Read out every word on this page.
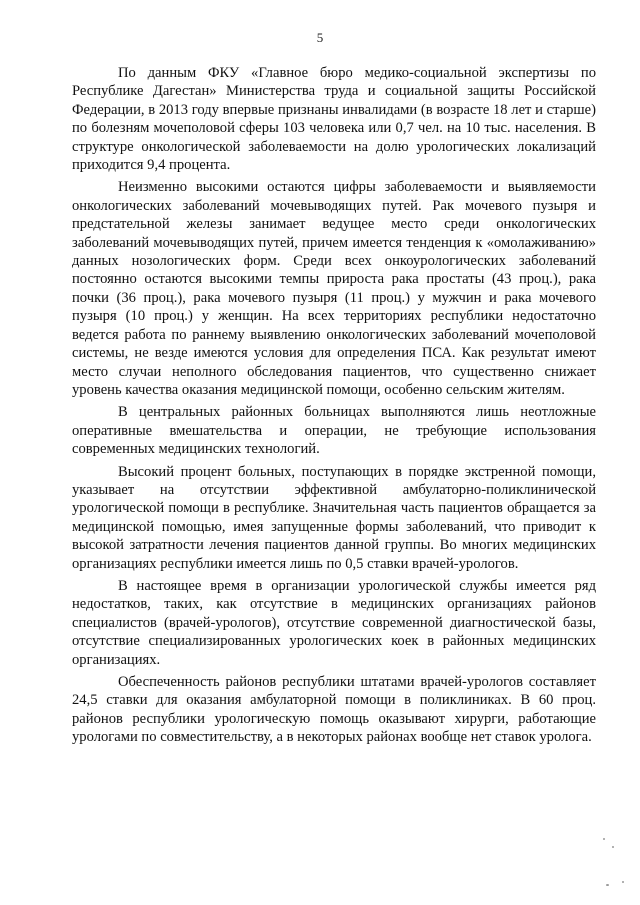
5

По данным ФКУ «Главное бюро медико-социальной экспертизы по Республике Дагестан» Министерства труда и социальной защиты Российской Федерации, в 2013 году впервые признаны инвалидами (в возрасте 18 лет и старше) по болезням мочеполовой сферы 103 человека или 0,7 чел. на 10 тыс. населения. В структуре онкологической заболеваемости на долю урологических локализаций приходится 9,4 процента.

Неизменно высокими остаются цифры заболеваемости и выявляемости онкологических заболеваний мочевыводящих путей. Рак мочевого пузыря и предстательной железы занимает ведущее место среди онкологических заболеваний мочевыводящих путей, причем имеется тенденция к «омолаживанию» данных нозологических форм. Среди всех онкоурологических заболеваний постоянно остаются высокими темпы прироста рака простаты (43 проц.), рака почки (36 проц.), рака мочевого пузыря (11 проц.) у мужчин и рака мочевого пузыря (10 проц.) у женщин. На всех территориях республики недостаточно ведется работа по раннему выявлению онкологических заболеваний мочеполовой системы, не везде имеются условия для определения ПСА. Как результат имеют место случаи неполного обследования пациентов, что существенно снижает уровень качества оказания медицинской помощи, особенно сельским жителям.

В центральных районных больницах выполняются лишь неотложные оперативные вмешательства и операции, не требующие использования современных медицинских технологий.

Высокий процент больных, поступающих в порядке экстренной помощи, указывает на отсутствии эффективной амбулаторно-поликлинической урологической помощи в республике. Значительная часть пациентов обращается за медицинской помощью, имея запущенные формы заболеваний, что приводит к высокой затратности лечения пациентов данной группы. Во многих медицинских организациях республики имеется лишь по 0,5 ставки врачей-урологов.

В настоящее время в организации урологической службы имеется ряд недостатков, таких, как отсутствие в медицинских организациях районов специалистов (врачей-урологов), отсутствие современной диагностической базы, отсутствие специализированных урологических коек в районных медицинских организациях.

Обеспеченность районов республики штатами врачей-урологов составляет 24,5 ставки для оказания амбулаторной помощи в поликлиниках. В 60 проц. районов республики урологическую помощь оказывают хирурги, работающие урологами по совместительству, а в некоторых районах вообще нет ставок уролога.
